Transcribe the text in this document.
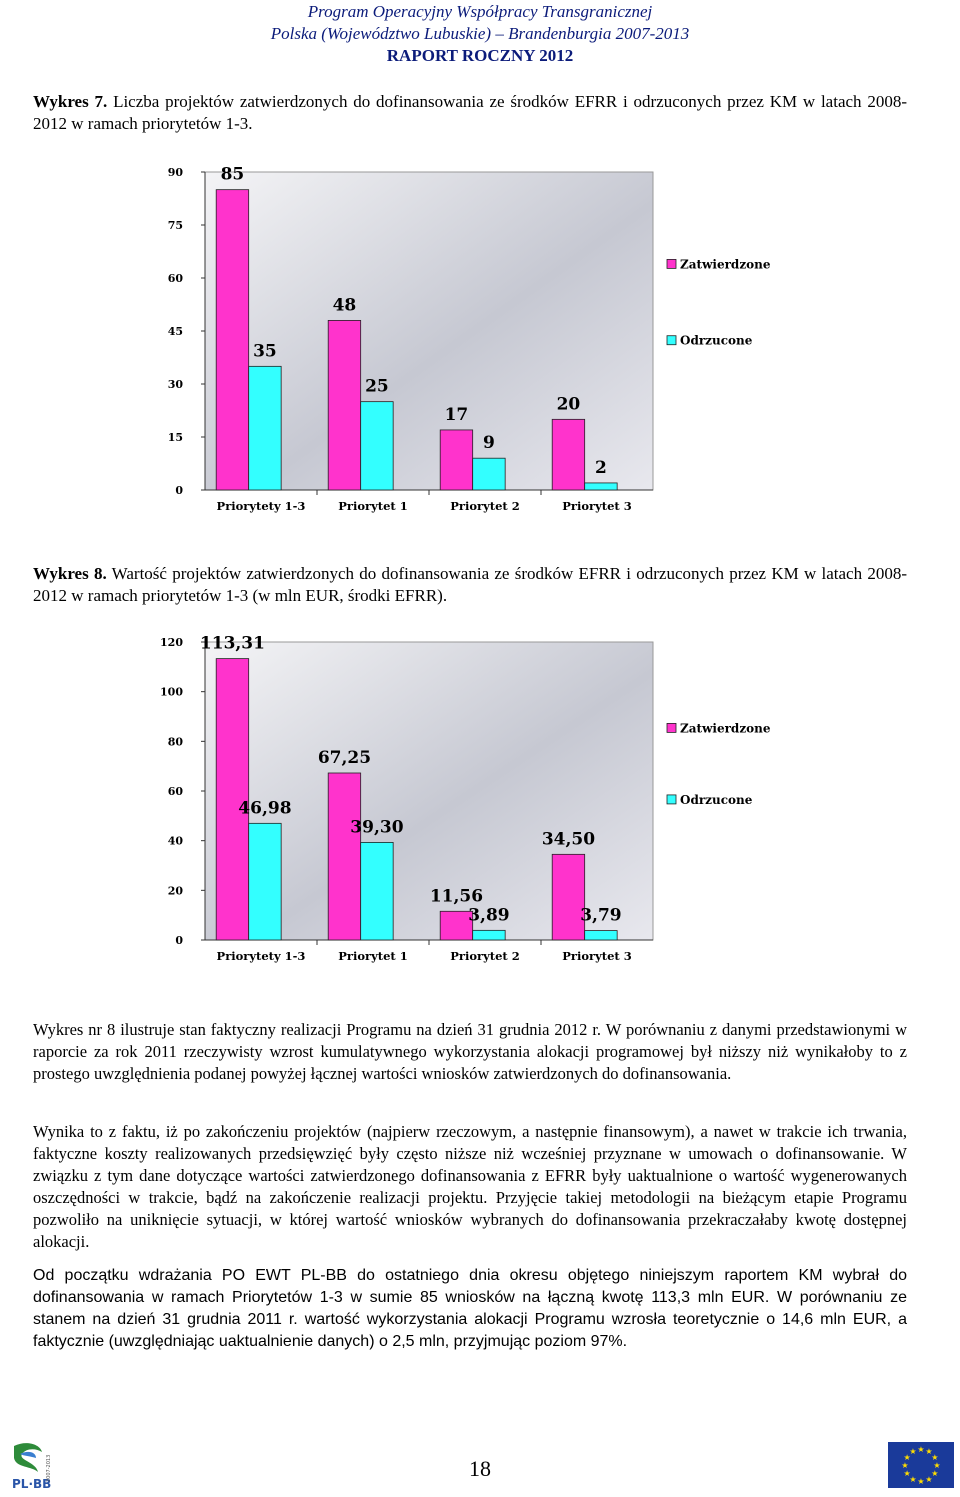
Program Operacyjny Współpracy Transgranicznej
Polska (Województwo Lubuskie) – Brandenburgia 2007-2013
RAPORT ROCZNY 2012
Wykres 7. Liczba projektów zatwierdzonych do dofinansowania ze środków EFRR i odrzuconych przez KM w latach 2008-2012 w ramach priorytetów 1-3.
0
15
30
45
60
75
90
Priorytety 1-3
85
35
Priorytet 1
48
25
Priorytet 2
17
9
Priorytet 3
20
2
Zatwierdzone
Odrzucone
Wykres 8. Wartość projektów zatwierdzonych do dofinansowania ze środków EFRR i odrzuconych przez KM w latach 2008-2012 w ramach priorytetów 1-3 (w mln EUR, środki EFRR).
0
20
40
60
80
100
120
Priorytety 1-3
113,31
46,98
Priorytet 1
67,25
39,30
Priorytet 2
11,56
3,89
Priorytet 3
34,50
3,79
Zatwierdzone
Odrzucone
Wykres nr 8 ilustruje stan faktyczny realizacji Programu na dzień 31 grudnia 2012 r. W porównaniu z danymi przedstawionymi w raporcie za rok 2011 rzeczywisty wzrost kumulatywnego wykorzystania alokacji programowej był niższy niż wynikałoby to z prostego uwzględnienia podanej powyżej łącznej wartości wniosków zatwierdzonych do dofinansowania.
Wynika to z faktu, iż po zakończeniu projektów (najpierw rzeczowym, a następnie finansowym), a nawet w trakcie ich trwania, faktyczne koszty realizowanych przedsięwzięć były często niższe niż wcześniej przyznane w umowach o dofinansowanie. W związku z tym dane dotyczące wartości zatwierdzonego dofinansowania z EFRR były uaktualnione o wartość wygenerowanych oszczędności w trakcie, bądź na zakończenie realizacji projektu. Przyjęcie takiej metodologii na bieżącym etapie Programu pozwoliło na uniknięcie sytuacji, w której wartość wniosków wybranych do dofinansowania przekraczałaby kwotę dostępnej alokacji.
Od początku wdrażania PO EWT PL-BB do ostatniego dnia okresu objętego niniejszym raportem KM wybrał do dofinansowania w ramach Priorytetów 1-3 w sumie 85 wniosków na łączną kwotę 113,3 mln EUR. W porównaniu ze stanem na dzień 31 grudnia 2011 r. wartość wykorzystania alokacji Programu wzrosła teoretycznie o 14,6 mln EUR, a faktycznie (uwzględniając uaktualnienie danych) o 2,5 mln, przyjmując poziom 97%.
PL·BB
2007-2013	18
★ ★
★
★
★
★
★
★
★
★
★
★
